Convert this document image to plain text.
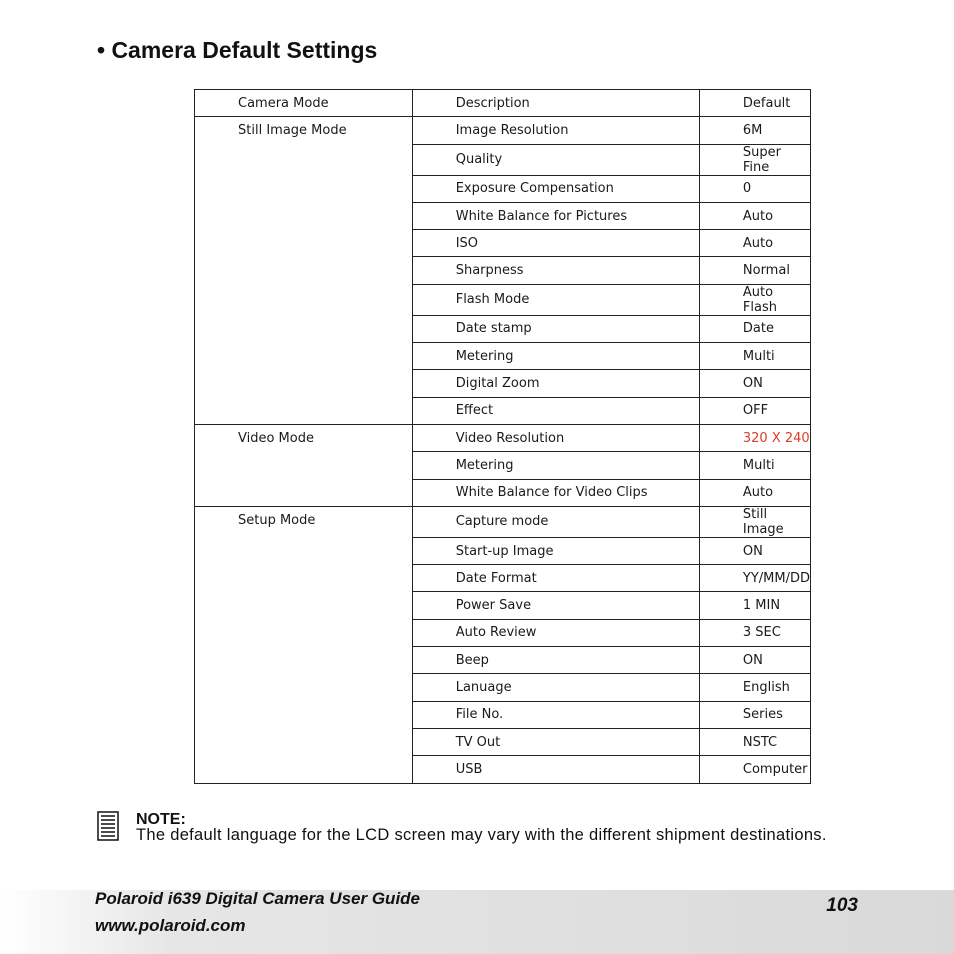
• Camera Default Settings
Camera Mode	Description	Default
Still Image Mode	Image Resolution	6M
	Quality	Super Fine
	Exposure Compensation	0
	White Balance for Pictures	Auto
	ISO	Auto
	Sharpness	Normal
	Flash Mode	Auto Flash
	Date stamp	Date
	Metering	Multi
	Digital Zoom	ON
	Effect	OFF
Video Mode	Video Resolution	320 X 240
	Metering	Multi
	White Balance for Video Clips	Auto
Setup Mode	Capture mode	Still Image
	Start-up Image	ON
	Date Format	YY/MM/DD
	Power Save	1 MIN
	Auto Review	3 SEC
	Beep	ON
	Lanuage	English
	File No.	Series
	TV Out	NSTC
	USB	Computer
NOTE:
The default language for the LCD screen may vary with the different shipment destinations.
Polaroid i639 Digital Camera User Guide
www.polaroid.com
103
